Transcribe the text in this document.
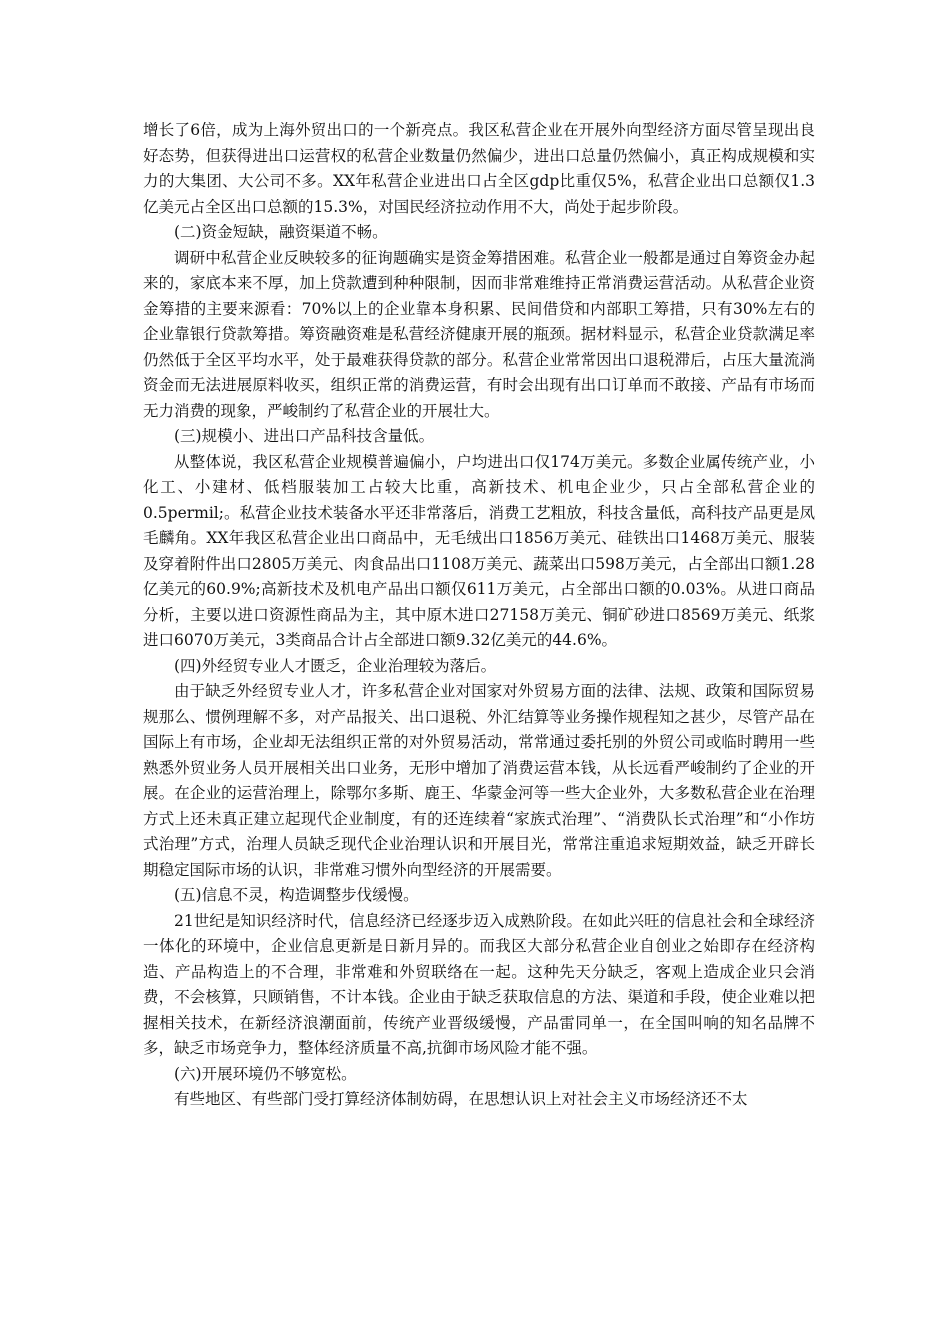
增长了6倍，成为上海外贸出口的一个新亮点。我区私营企业在开展外向型经济方面尽管呈现出良好态势，但获得进出口运营权的私营企业数量仍然偏少，进出口总量仍然偏小，真正构成规模和实力的大集团、大公司不多。XX年私营企业进出口占全区gdp比重仅5%，私营企业出口总额仅1.3亿美元占全区出口总额的15.3%，对国民经济拉动作用不大，尚处于起步阶段。

(二)资金短缺，融资渠道不畅。

调研中私营企业反映较多的征询题确实是资金筹措困难。私营企业一般都是通过自筹资金办起来的，家底本来不厚，加上贷款遭到种种限制，因而非常难维持正常消费运营活动。从私营企业资金筹措的主要来源看：70%以上的企业靠本身积累、民间借贷和内部职工筹措，只有30%左右的企业靠银行贷款筹措。筹资融资难是私营经济健康开展的瓶颈。据材料显示，私营企业贷款满足率仍然低于全区平均水平，处于最难获得贷款的部分。私营企业常常因出口退税滞后，占压大量流淌资金而无法进展原料收买，组织正常的消费运营，有时会出现有出口订单而不敢接、产品有市场而无力消费的现象，严峻制约了私营企业的开展壮大。

(三)规模小、进出口产品科技含量低。

从整体说，我区私营企业规模普遍偏小，户均进出口仅174万美元。多数企业属传统产业，小化工、小建材、低档服装加工占较大比重，高新技术、机电企业少，只占全部私营企业的0.5permil;。私营企业技术装备水平还非常落后，消费工艺粗放，科技含量低，高科技产品更是凤毛麟角。XX年我区私营企业出口商品中，无毛绒出口1856万美元、硅铁出口1468万美元、服装及穿着附件出口2805万美元、肉食品出口1108万美元、蔬菜出口598万美元，占全部出口额1.28亿美元的60.9%;高新技术及机电产品出口额仅611万美元，占全部出口额的0.03%。从进口商品分析，主要以进口资源性商品为主，其中原木进口27158万美元、铜矿砂进口8569万美元、纸浆进口6070万美元，3类商品合计占全部进口额9.32亿美元的44.6%。

(四)外经贸专业人才匮乏，企业治理较为落后。

由于缺乏外经贸专业人才，许多私营企业对国家对外贸易方面的法律、法规、政策和国际贸易规那么、惯例理解不多，对产品报关、出口退税、外汇结算等业务操作规程知之甚少，尽管产品在国际上有市场，企业却无法组织正常的对外贸易活动，常常通过委托别的外贸公司或临时聘用一些熟悉外贸业务人员开展相关出口业务，无形中增加了消费运营本钱，从长远看严峻制约了企业的开展。在企业的运营治理上，除鄂尔多斯、鹿王、华蒙金河等一些大企业外，大多数私营企业在治理方式上还未真正建立起现代企业制度，有的还连续着“家族式治理”、“消费队长式治理”和“小作坊式治理”方式，治理人员缺乏现代企业治理认识和开展目光，常常注重追求短期效益，缺乏开辟长期稳定国际市场的认识，非常难习惯外向型经济的开展需要。

(五)信息不灵，构造调整步伐缓慢。

21世纪是知识经济时代，信息经济已经逐步迈入成熟阶段。在如此兴旺的信息社会和全球经济一体化的环境中，企业信息更新是日新月异的。而我区大部分私营企业自创业之始即存在经济构造、产品构造上的不合理，非常难和外贸联络在一起。这种先天分缺乏，客观上造成企业只会消费，不会核算，只顾销售，不计本钱。企业由于缺乏获取信息的方法、渠道和手段，使企业难以把握相关技术，在新经济浪潮面前，传统产业晋级缓慢，产品雷同单一，在全国叫响的知名品牌不多，缺乏市场竞争力，整体经济质量不高,抗御市场风险才能不强。

(六)开展环境仍不够宽松。

有些地区、有些部门受打算经济体制妨碍，在思想认识上对社会主义市场经济还不太
